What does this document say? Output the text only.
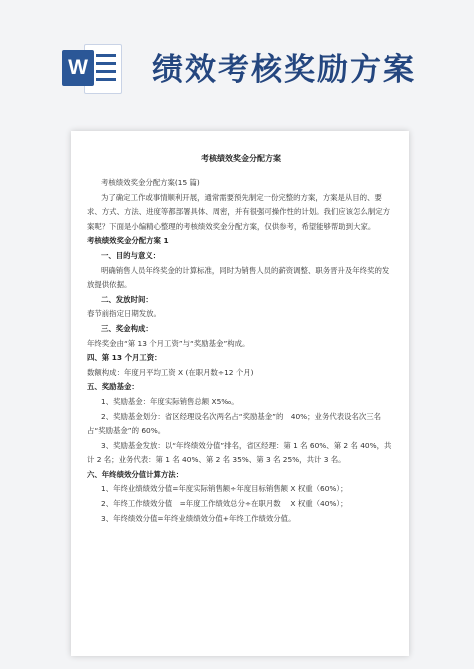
W 绩效考核奖励方案
考核绩效奖金分配方案
考核绩效奖金分配方案(15 篇)
为了确定工作或事情顺利开展，通常需要预先制定一份完整的方案，方案是从目的、要求、方式、方法、进度等都部署具体、周密，并有很强可操作性的计划。我们应该怎么制定方案呢？下面是小编精心整理的考核绩效奖金分配方案，仅供参考，希望能够帮助到大家。
考核绩效奖金分配方案 1
一、目的与意义：
明确销售人员年终奖金的计算标准，同时为销售人员的薪资调整、职务晋升及年终奖的发放提供依据。
二、发放时间：
春节前指定日期发放。
三、奖金构成：
年终奖金由“第 13 个月工资”与“奖励基金”构成。
四、第 13 个月工资：
数额构成：年度月平均工资 X (在职月数÷12 个月)
五、奖励基金：
1、奖励基金：年度实际销售总额 X5‰。
2、奖励基金划分：省区经理设名次两名占“奖励基金”的　40%；业务代表设名次三名占“奖励基金”的 60%。
3、奖励基金发放：以“年终绩效分值”排名，省区经理：第 1 名 60%、第 2 名 40%，共计 2 名；业务代表：第 1 名 40%、第 2 名 35%、第 3 名 25%，共计 3 名。
六、年终绩效分值计算方法：
1、年终业绩绩效分值=年度实际销售额÷年度目标销售额 X 权重（60%）；
2、年终工作绩效分值　=年度工作绩效总分÷在职月数　 X 权重（40%）；
3、年终绩效分值=年终业绩绩效分值+年终工作绩效分值。
